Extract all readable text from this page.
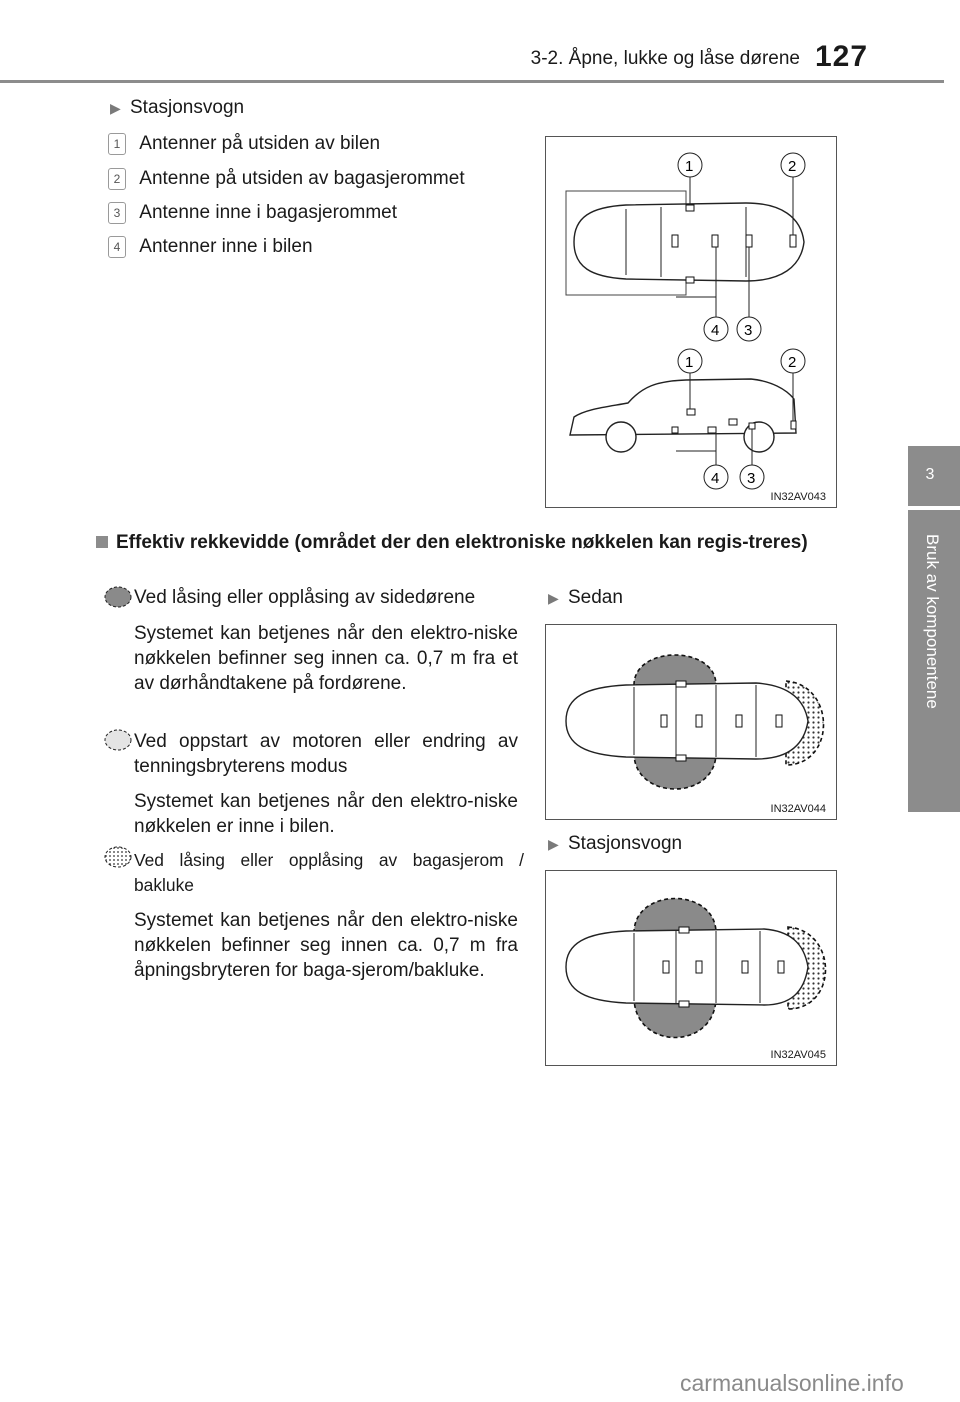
3-2. Åpne, lukke og låse dørene 127
3
Bruk av komponentene
▶ Stasjonsvogn
1 Antenner på utsiden av bilen
2 Antenne på utsiden av bagasjerommet
3 Antenne inne i bagasjerommet
4 Antenner inne i bilen
1	2
4 3
1	2
4 3
IN32AV043
Effektiv rekkevidde (området der den elektroniske nøkkelen kan regis-treres)
Ved låsing eller opplåsing av sidedørene
Systemet kan betjenes når den elektro-niske nøkkelen befinner seg innen ca. 0,7 m fra et av dørhåndtakene på fordørene.
Ved oppstart av motoren eller endring av tenningsbryterens modus
Systemet kan betjenes når den elektro-niske nøkkelen er inne i bilen.
Ved låsing eller opplåsing av bagasjerom / bakluke
Systemet kan betjenes når den elektro-niske nøkkelen befinner seg innen ca. 0,7 m fra åpningsbryteren for baga-sjerom/bakluke.
▶ Sedan
IN32AV044
▶ Stasjonsvogn
IN32AV045
carmanualsonline.info
